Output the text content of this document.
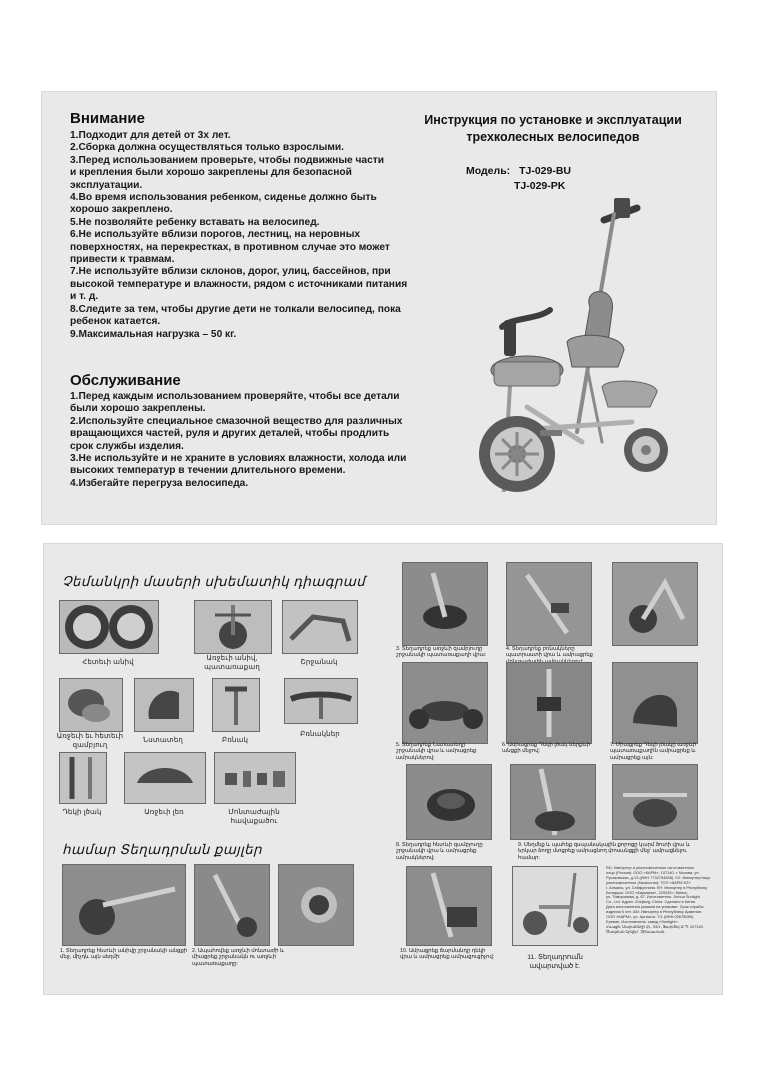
Внимание
1.Подходит для детей от 3х лет.
2.Сборка должна осуществляться только взрослыми.
3.Перед использованием проверьте, чтобы подвижные части
и крепления были хорошо закреплены для безопасной
эксплуатации.
4.Во время использования ребенком, сиденье должно быть
хорошо закреплено.
5.Не позволяйте ребенку вставать на велосипед.
6.Не используйте вблизи порогов, лестниц, на неровных
поверхностях, на перекрестках, в противном случае это может
привести к травмам.
7.Не используйте вблизи склонов, дорог, улиц, бассейнов, при
высокой температуре и влажности, рядом с источниками питания
и т. д.
8.Следите за тем, чтобы другие дети не толкали велосипед, пока
ребенок катается.
9.Максимальная нагрузка – 50 кг.
Обслуживание
1.Перед каждым использованием проверяйте, чтобы все детали
были хорошо закреплены.
2.Используйте специальное смазочной вещество для различных
вращающихся частей, руля и других деталей, чтобы продлить
срок службы изделия.
3.Не используйте и не храните в условиях влажности, холода или
высоких температур в течении длительного времени.
4.Избегайте перегруза велосипеда.
Инструкция по установке и эксплуатации
трехколесных велосипедов
Модель: TJ-029-BU
TJ-029-PK
Չեմանկրի մասերի սխեմատիկ դիագրամ
Հետեւի անիվ	Առջեւի անիվ, պատառաքաղ
Շրջանակ
Առջեւի եւ հետեւի զամբյուղ
Նստատեղ	Բռնակ
Բռնակներ
Դեկի լծակ	Առջեւի լեռ	Մոնտաժային հավաքածու
համար Տեղադրման քայլեր
1. Տեղադրեք հետևի անիվը շրջանակի անցքի մեջ, միչդև այն սեղմի:
2. Ապահովեք առջևի մոնտաժի և միացրեք շրջանակն ու առջևի պատառաքաղը:
3. Տեղադրեք առջևի զամբյուղը շրջանակի պատառաքաղի վրա:
4. Տեղադրեք բռնակները պատրաստի վրա և ամրացրեք
5. Տեղադրեք Նստատեղը շրջանակի վրա և ամրացրեք ամրակներով:
6. Ամրացրեք Դեկի լծակ ներքևի անցքի մեջով:
7. Միացրեք Դեկի լծակը առջևի պատառաքաղին ամրացրեք և ամրացրեք այն:
8. Տեղադրեք հետևի զամբյուղը շրջանակի վրա և ամրացրեք ամրակներով:
9. Սեղմեք և պահեք զսպանակային քորոցը կարմ ծոտի վրա և երկար ձողը մտցրեք ամրացնող փոսանցքի մեջ՝ ամրացնելու համար:
10. Ամրացրեք ճարմանդը դեկի վրա և ամրացրեք ամրացուցիչով:	11. Տեղադրումն ավարտված է.
RU: Импортер и уполномоченное изготовителем
лицо (Россия): ООО «КАРМ», 107140, г. Москва, ул.
Русаковская, д.13 (ИНН 7702764608). KZ: Импортер/лицо
уполномоченное (Казахстан): ТОО «КАРМ KZ»
г. Алматы, ул. Сейфуллина. BY: Импортер в Республику
Беларусь: ООО «Кармагаз», 220035 г. Минск,
ул. Тимирязева, д. 67. Изготовитель: Jinhua Sunlight
Co., Ltd. Адрес: Zhejiang, China. Сделано в Китае.
Дата изготовления указана на упаковке. Срок службы
изделия 5 лет. AM: Импортер в Республику Армения:
ООО «КАРМ», ул. Аргишти, 7/1 (ИНН 02675089).
Ереван. Изготовитель: завод «Sunlight».
Հասցե: Սարանեղի փ., 33/1, Ֆարմեդ Ս.Պ. 107140.
Ծագման երկիր` Չինաստան.
